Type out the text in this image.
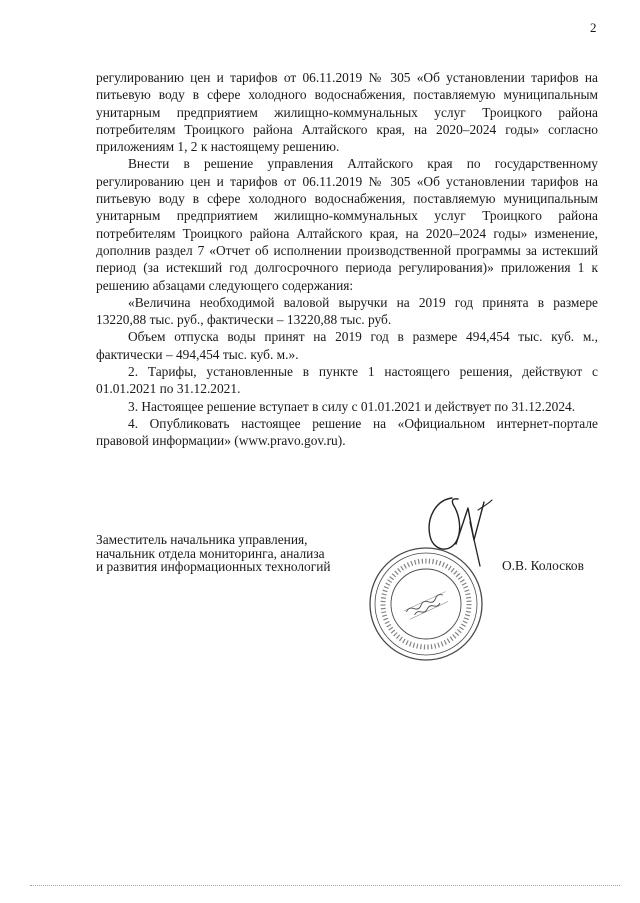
2

регулированию цен и тарифов от 06.11.2019 № 305 «Об установлении тарифов на питьевую воду в сфере холодного водоснабжения, поставляемую муниципальным унитарным предприятием жилищно-коммунальных услуг Троицкого района потребителям Троицкого района Алтайского края, на 2020–2024 годы» согласно приложениям 1, 2 к настоящему решению.

Внести в решение управления Алтайского края по государственному регулированию цен и тарифов от 06.11.2019 № 305 «Об установлении тарифов на питьевую воду в сфере холодного водоснабжения, поставляемую муниципальным унитарным предприятием жилищно-коммунальных услуг Троицкого района потребителям Троицкого района Алтайского края, на 2020–2024 годы» изменение, дополнив раздел 7 «Отчет об исполнении производственной программы за истекший период (за истекший год долгосрочного периода регулирования)» приложения 1 к решению абзацами следующего содержания:

«Величина необходимой валовой выручки на 2019 год принята в размере 13220,88 тыс. руб., фактически – 13220,88 тыс. руб.

Объем отпуска воды принят на 2019 год в размере 494,454 тыс. куб. м., фактически – 494,454 тыс. куб. м.».

2. Тарифы, установленные в пункте 1 настоящего решения, действуют с 01.01.2021 по 31.12.2021.

3. Настоящее решение вступает в силу с 01.01.2021 и действует по 31.12.2024.

4. Опубликовать настоящее решение на «Официальном интернет-портале правовой информации» (www.pravo.gov.ru).

Заместитель начальника управления,
начальник отдела мониторинга, анализа
и развития информационных технологий	О.В. Колосков
